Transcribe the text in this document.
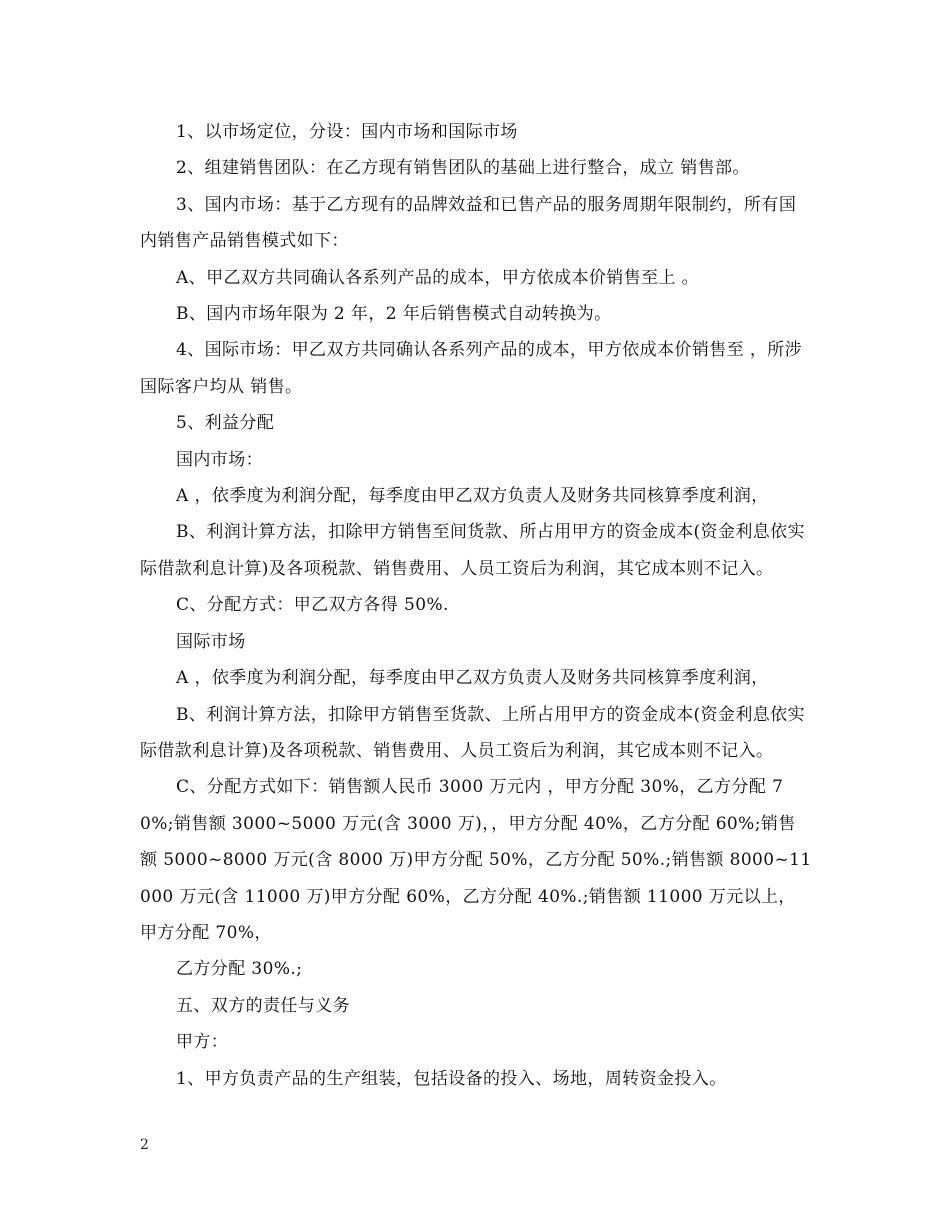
1、以市场定位，分设：国内市场和国际市场

2、组建销售团队：在乙方现有销售团队的基础上进行整合，成立 销售部。

3、国内市场：基于乙方现有的品牌效益和已售产品的服务周期年限制约，所有国内销售产品销售模式如下：

A、甲乙双方共同确认各系列产品的成本，甲方依成本价销售至上 。

B、国内市场年限为 2 年，2 年后销售模式自动转换为。

4、国际市场：甲乙双方共同确认各系列产品的成本，甲方依成本价销售至 ，所涉国际客户均从 销售。

5、利益分配

国内市场：

A ，依季度为利润分配，每季度由甲乙双方负责人及财务共同核算季度利润，

B、利润计算方法，扣除甲方销售至间货款、所占用甲方的资金成本(资金利息依实际借款利息计算)及各项税款、销售费用、人员工资后为利润，其它成本则不记入。

C、分配方式：甲乙双方各得 50%.

国际市场

A ，依季度为利润分配，每季度由甲乙双方负责人及财务共同核算季度利润，

B、利润计算方法，扣除甲方销售至货款、上所占用甲方的资金成本(资金利息依实际借款利息计算)及各项税款、销售费用、人员工资后为利润，其它成本则不记入。

C、分配方式如下：销售额人民币 3000 万元内 ，甲方分配 30%，乙方分配 70%;销售额 3000~5000 万元(含 3000 万)，，甲方分配 40%，乙方分配 60%;销售额 5000~8000 万元(含 8000 万)甲方分配 50%，乙方分配 50%.;销售额 8000~11000 万元(含 11000 万)甲方分配 60%，乙方分配 40%.;销售额 11000 万元以上，甲方分配 70%，

乙方分配 30%.;

五、双方的责任与义务

甲方：

1、甲方负责产品的生产组装，包括设备的投入、场地，周转资金投入。

2
